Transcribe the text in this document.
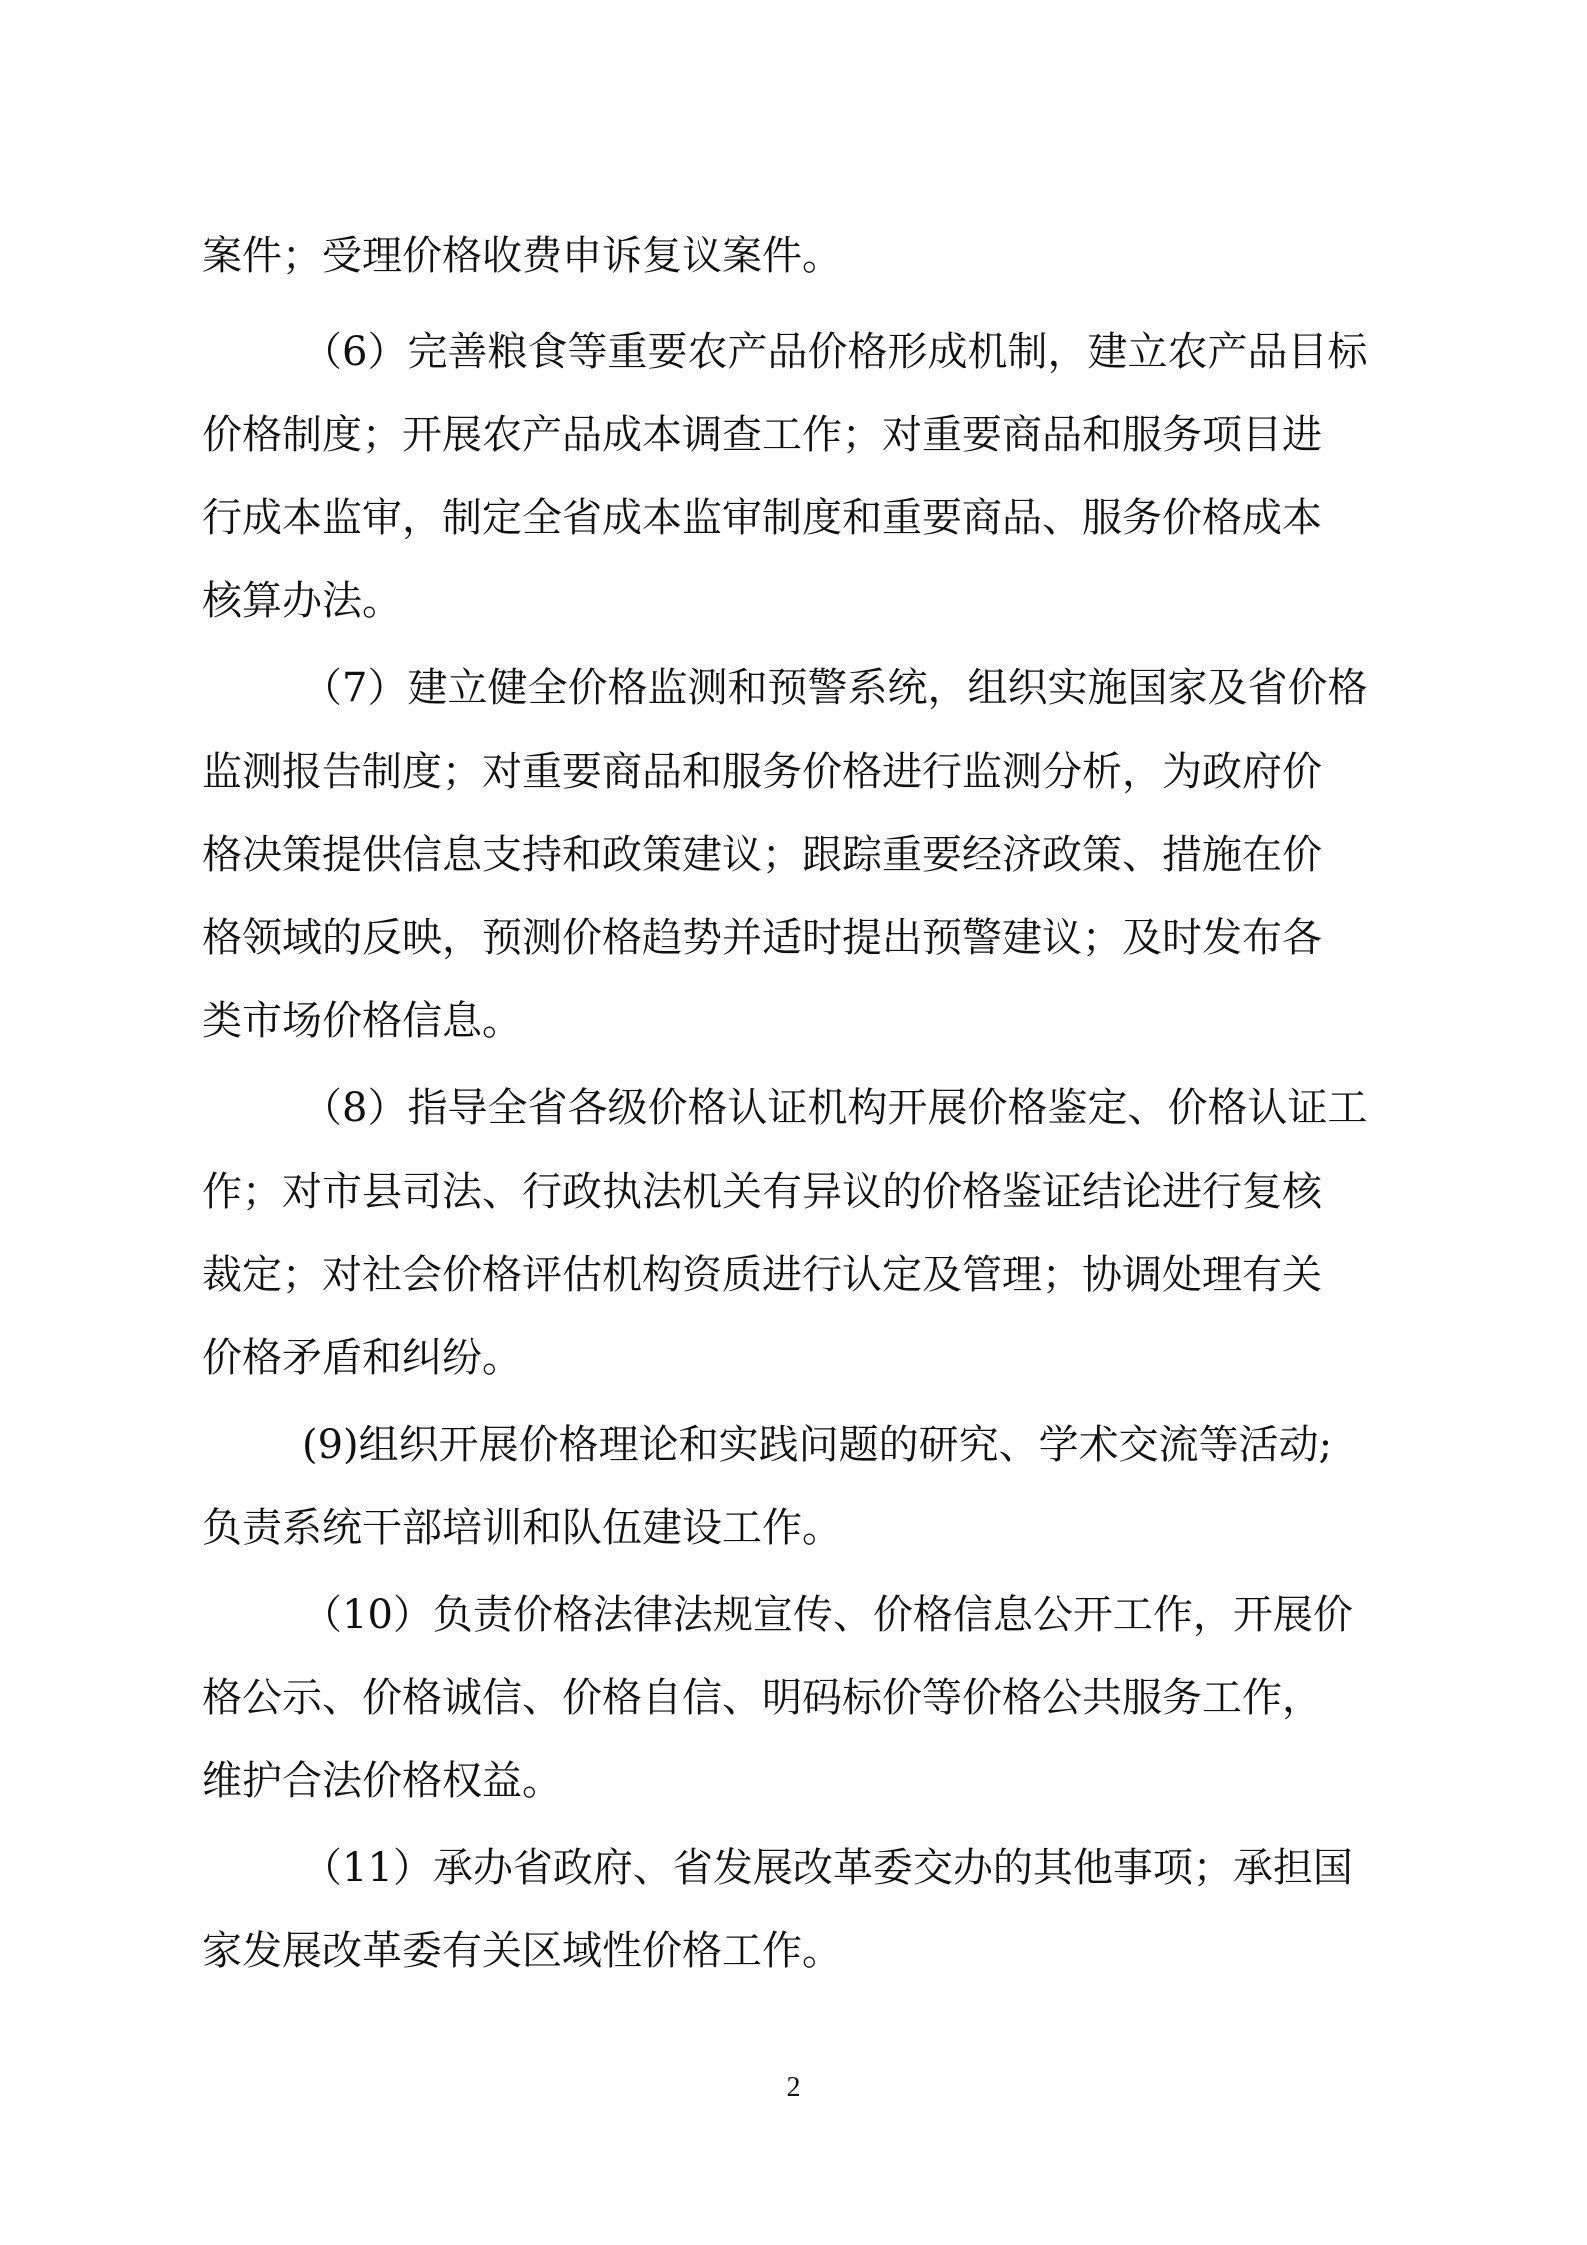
案件；受理价格收费申诉复议案件。
（6）完善粮食等重要农产品价格形成机制，建立农产品目标
价格制度；开展农产品成本调查工作；对重要商品和服务项目进
行成本监审，制定全省成本监审制度和重要商品、服务价格成本
核算办法。
（7）建立健全价格监测和预警系统，组织实施国家及省价格
监测报告制度；对重要商品和服务价格进行监测分析，为政府价
格决策提供信息支持和政策建议；跟踪重要经济政策、措施在价
格领域的反映，预测价格趋势并适时提出预警建议；及时发布各
类市场价格信息。
（8）指导全省各级价格认证机构开展价格鉴定、价格认证工
作；对市县司法、行政执法机关有异议的价格鉴证结论进行复核
裁定；对社会价格评估机构资质进行认定及管理；协调处理有关
价格矛盾和纠纷。
(9)组织开展价格理论和实践问题的研究、学术交流等活动;
负责系统干部培训和队伍建设工作。
（10）负责价格法律法规宣传、价格信息公开工作，开展价
格公示、价格诚信、价格自信、明码标价等价格公共服务工作，
维护合法价格权益。
（11）承办省政府、省发展改革委交办的其他事项；承担国
家发展改革委有关区域性价格工作。
2
